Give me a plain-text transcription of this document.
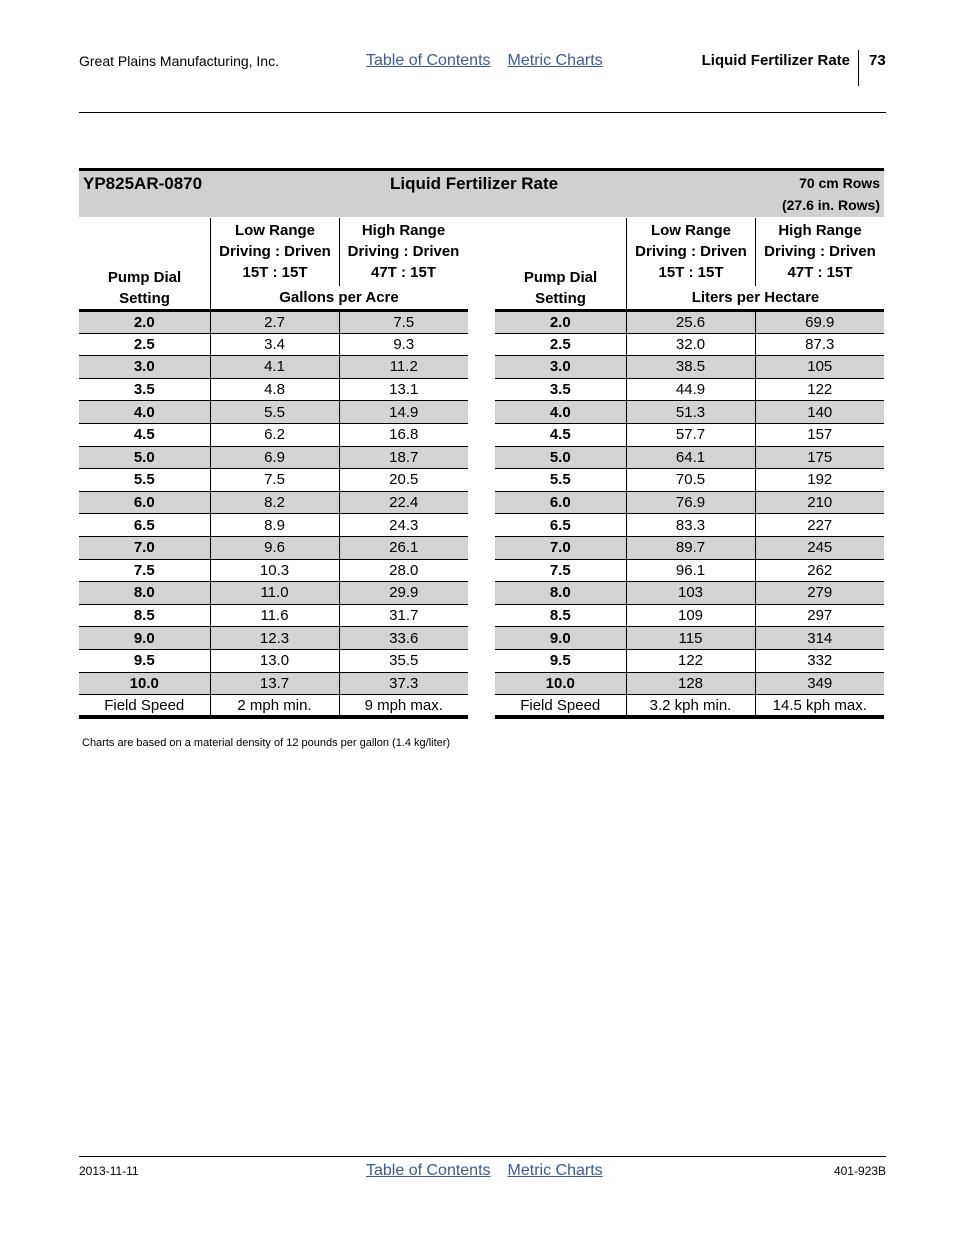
Great Plains Manufacturing, Inc.	Table of Contents Metric Charts	Liquid Fertilizer Rate 73
YP825AR-0870	Liquid Fertilizer Rate	70 cm Rows
(27.6 in. Rows)
Pump Dial
Setting
Low Range
Driving : Driven
15T : 15T
High Range
Driving : Driven
47T : 15T
Gallons per Acre
Pump Dial
Setting
Low Range
Driving : Driven
15T : 15T
High Range
Driving : Driven
47T : 15T
Liters per Hectare
2.0	2.7	7.5
2.5	3.4	9.3
3.0	4.1	11.2
3.5	4.8	13.1
4.0	5.5	14.9
4.5	6.2	16.8
5.0	6.9	18.7
5.5	7.5	20.5
6.0	8.2	22.4
6.5	8.9	24.3
7.0	9.6	26.1
7.5	10.3	28.0
8.0	11.0	29.9
8.5	11.6	31.7
9.0	12.3	33.6
9.5	13.0	35.5
10.0	13.7	37.3
Field Speed	2 mph min.	9 mph max.
2.0	25.6	69.9
2.5	32.0	87.3
3.0	38.5	105
3.5	44.9	122
4.0	51.3	140
4.5	57.7	157
5.0	64.1	175
5.5	70.5	192
6.0	76.9	210
6.5	83.3	227
7.0	89.7	245
7.5	96.1	262
8.0	103	279
8.5	109	297
9.0	115	314
9.5	122	332
10.0	128	349
Field Speed	3.2 kph min.	14.5 kph max.
Charts are based on a material density of 12 pounds per gallon (1.4 kg/liter)
2013-11-11	Table of Contents Metric Charts	401-923B
